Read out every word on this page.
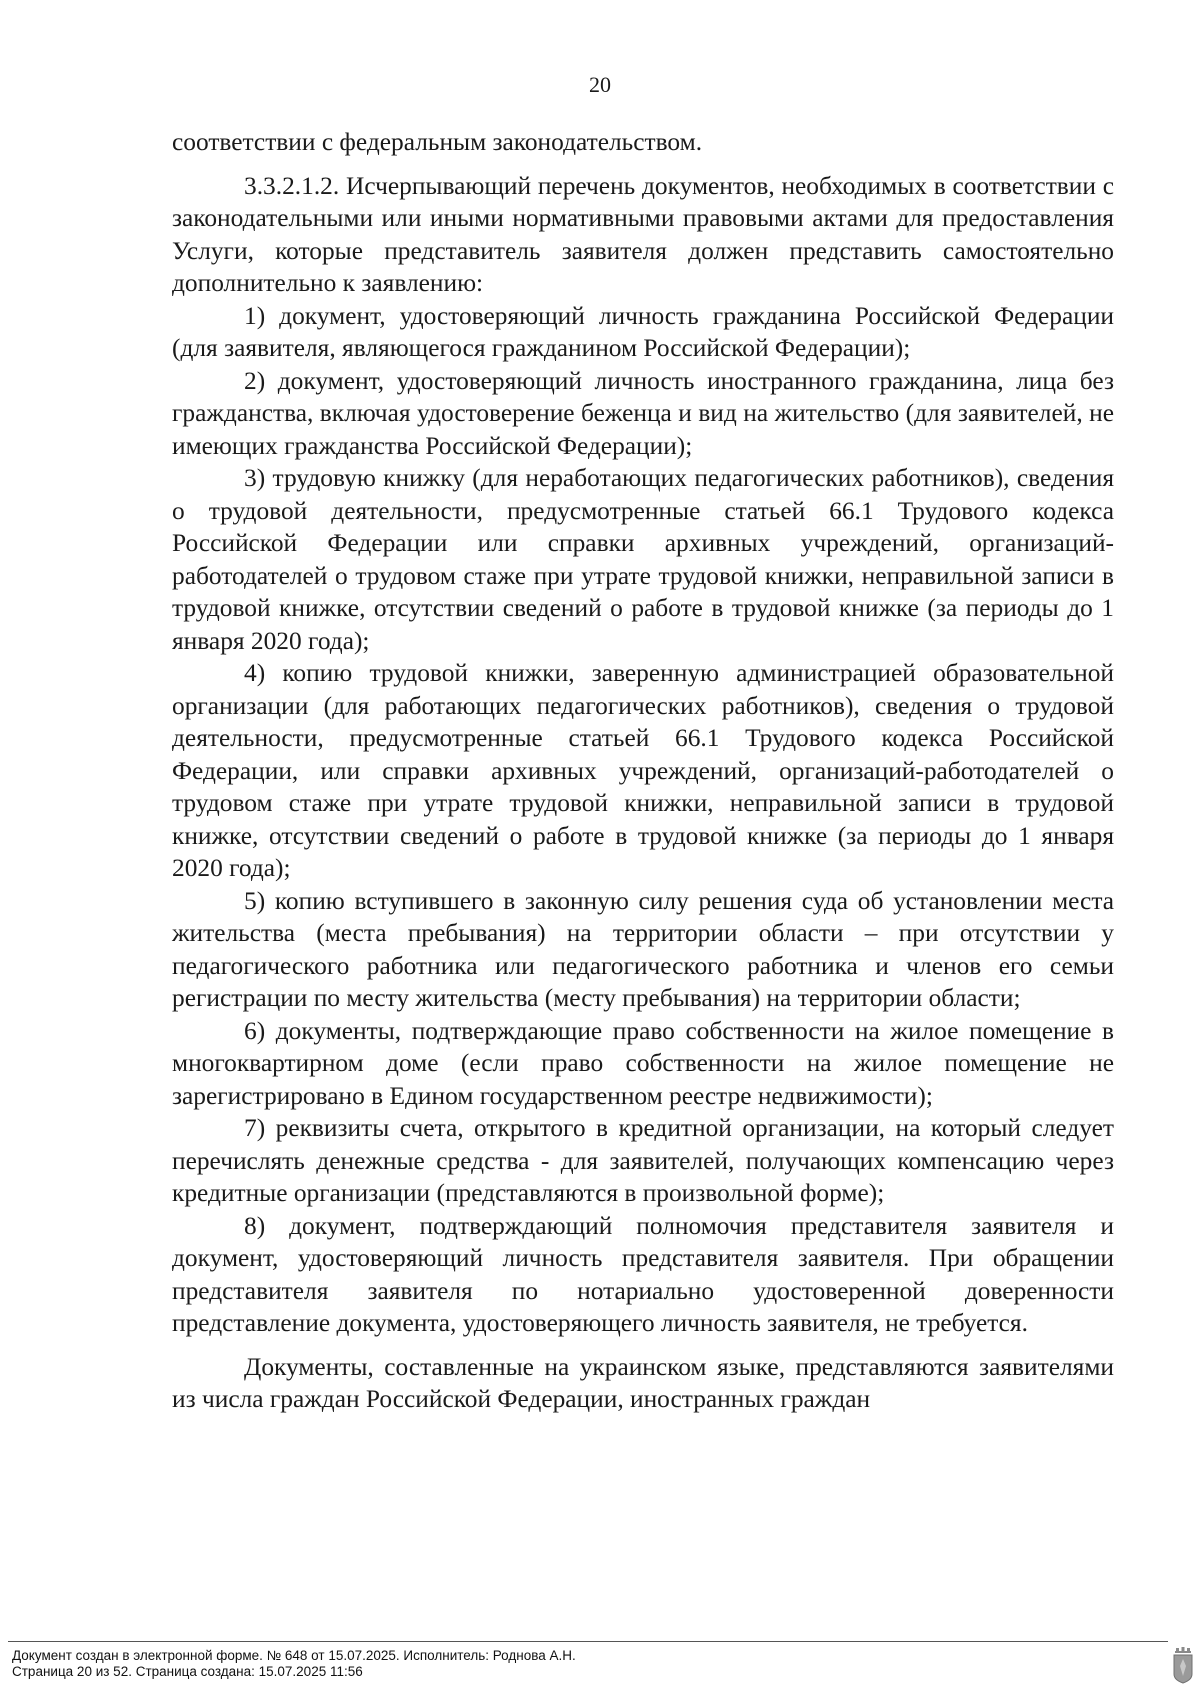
20

соответствии с федеральным законодательством.

3.3.2.1.2. Исчерпывающий перечень документов, необходимых в соответствии с законодательными или иными нормативными правовыми актами для предоставления Услуги, которые представитель заявителя должен представить самостоятельно дополнительно к заявлению:

1) документ, удостоверяющий личность гражданина Российской Федерации (для заявителя, являющегося гражданином Российской Федерации);

2) документ, удостоверяющий личность иностранного гражданина, лица без гражданства, включая удостоверение беженца и вид на жительство (для заявителей, не имеющих гражданства Российской Федерации);

3) трудовую книжку (для неработающих педагогических работников), сведения о трудовой деятельности, предусмотренные статьей 66.1 Трудового кодекса Российской Федерации или справки архивных учреждений, организаций-работодателей о трудовом стаже при утрате трудовой книжки, неправильной записи в трудовой книжке, отсутствии сведений о работе в трудовой книжке (за периоды до 1 января 2020 года);

4) копию трудовой книжки, заверенную администрацией образовательной организации (для работающих педагогических работников), сведения о трудовой деятельности, предусмотренные статьей 66.1 Трудового кодекса Российской Федерации, или справки архивных учреждений, организаций-работодателей о трудовом стаже при утрате трудовой книжки, неправильной записи в трудовой книжке, отсутствии сведений о работе в трудовой книжке (за периоды до 1 января 2020 года);

5) копию вступившего в законную силу решения суда об установлении места жительства (места пребывания) на территории области – при отсутствии у педагогического работника или педагогического работника и членов его семьи регистрации по месту жительства (месту пребывания) на территории области;

6) документы, подтверждающие право собственности на жилое помещение в многоквартирном доме (если право собственности на жилое помещение не зарегистрировано в Едином государственном реестре недвижимости);

7) реквизиты счета, открытого в кредитной организации, на который следует перечислять денежные средства - для заявителей, получающих компенсацию через кредитные организации (представляются в произвольной форме);

8) документ, подтверждающий полномочия представителя заявителя и документ, удостоверяющий личность представителя заявителя. При обращении представителя заявителя по нотариально удостоверенной доверенности представление документа, удостоверяющего личность заявителя, не требуется.

Документы, составленные на украинском языке, представляются заявителями из числа граждан Российской Федерации, иностранных граждан

Документ создан в электронной форме. № 648 от 15.07.2025. Исполнитель: Роднова А.Н.
Страница 20 из 52. Страница создана: 15.07.2025 11:56
